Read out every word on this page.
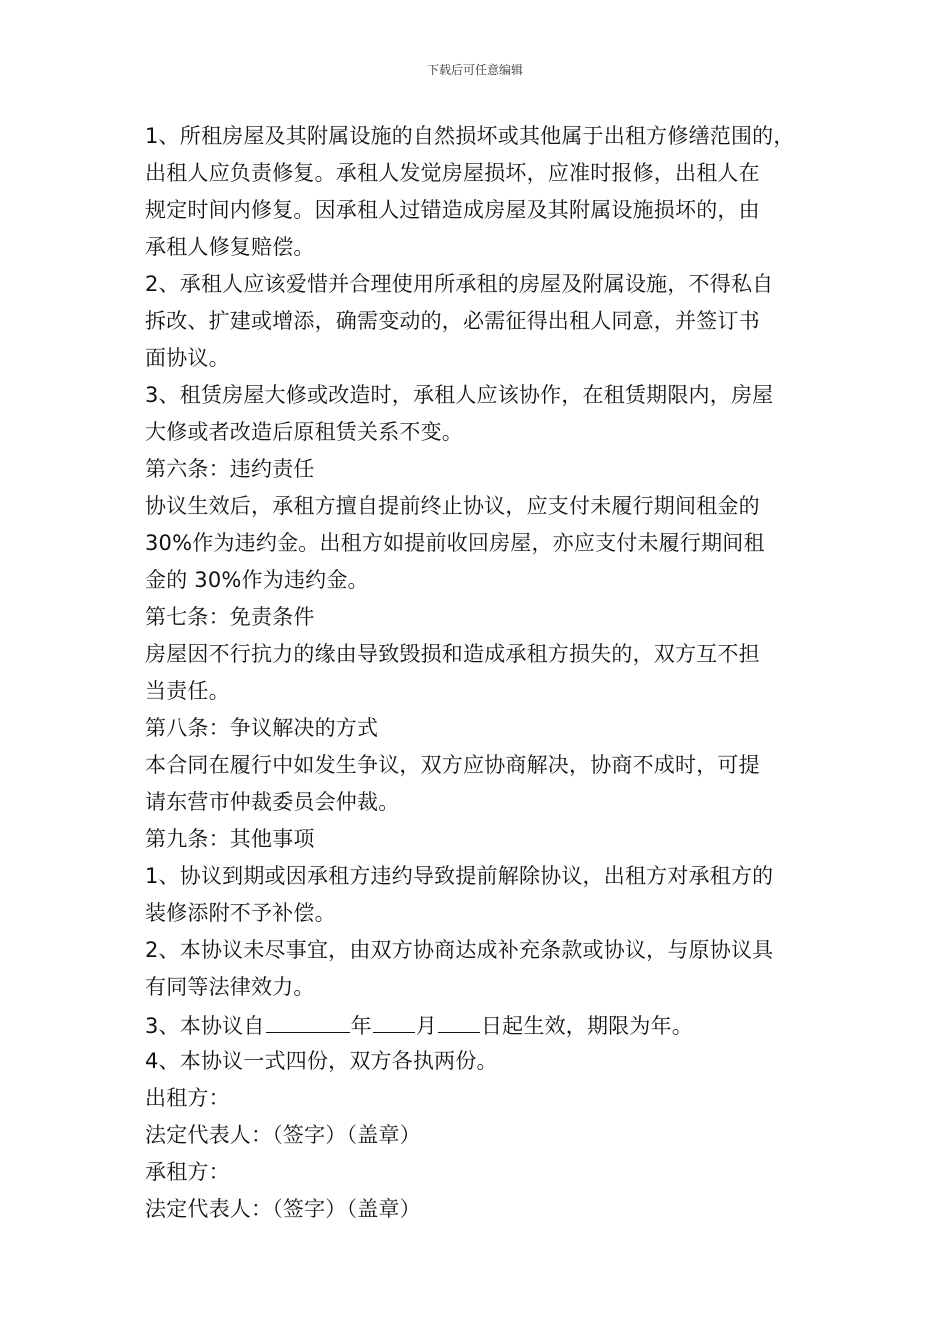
下载后可任意编辑
1、所租房屋及其附属设施的自然损坏或其他属于出租方修缮范围的，
出租人应负责修复。承租人发觉房屋损坏，应准时报修，出租人在
规定时间内修复。因承租人过错造成房屋及其附属设施损坏的，由
承租人修复赔偿。
2、承租人应该爱惜并合理使用所承租的房屋及附属设施，不得私自
拆改、扩建或增添，确需变动的，必需征得出租人同意，并签订书
面协议。
3、租赁房屋大修或改造时，承租人应该协作，在租赁期限内，房屋
大修或者改造后原租赁关系不变。
第六条：违约责任
协议生效后，承租方擅自提前终止协议，应支付未履行期间租金的
30%作为违约金。出租方如提前收回房屋，亦应支付未履行期间租
金的 30%作为违约金。
第七条：免责条件
房屋因不行抗力的缘由导致毁损和造成承租方损失的，双方互不担
当责任。
第八条：争议解决的方式
本合同在履行中如发生争议，双方应协商解决，协商不成时，可提
请东营市仲裁委员会仲裁。
第九条：其他事项
1、协议到期或因承租方违约导致提前解除协议，出租方对承租方的
装修添附不予补偿。
2、本协议未尽事宜，由双方协商达成补充条款或协议，与原协议具
有同等法律效力。
3、本协议自	年 月 日起生效，期限为年。
4、本协议一式四份，双方各执两份。
出租方：
法定代表人：（签字）（盖章）
承租方：
法定代表人：（签字）（盖章）
